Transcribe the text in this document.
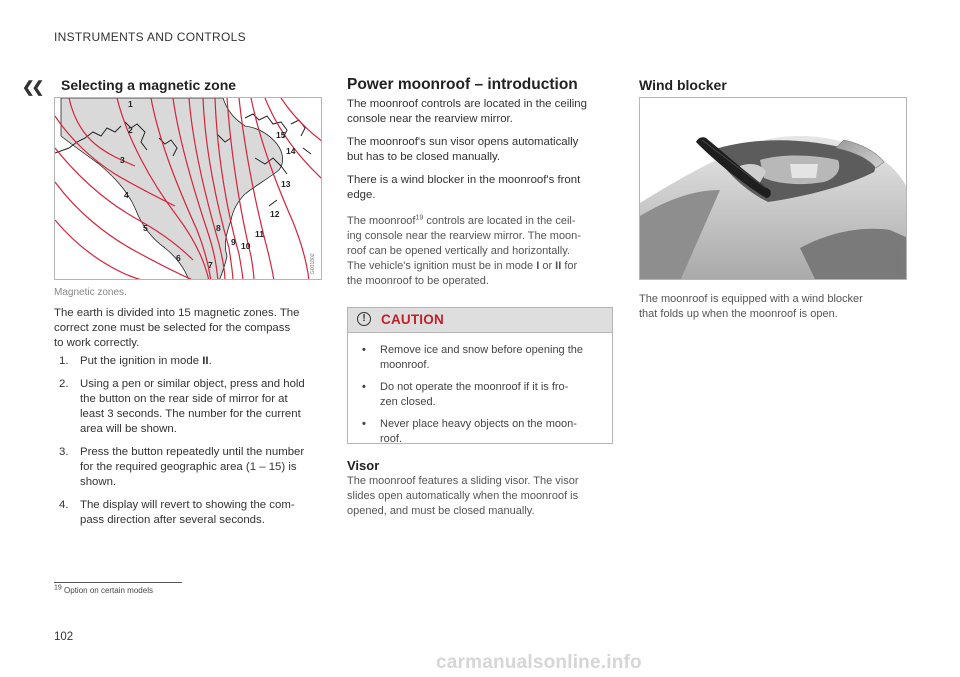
INSTRUMENTS AND CONTROLS
❮❮ Selecting a magnetic zone
1
2
3
4
5
6
7
8
9 10
11
12
13
14
15
G031802
Magnetic zones.
The earth is divided into 15 magnetic zones. The
correct zone must be selected for the compass
to work correctly.
1. Put the ignition in mode II.
2. Using a pen or similar object, press and hold
the button on the rear side of mirror for at
least 3 seconds. The number for the current
area will be shown.
3. Press the button repeatedly until the number
for the required geographic area (1 – 15) is
shown.
4. The display will revert to showing the com-
pass direction after several seconds.
Power moonroof – introduction
The moonroof controls are located in the ceiling
console near the rearview mirror.
The moonroof's sun visor opens automatically
but has to be closed manually.
There is a wind blocker in the moonroof's front
edge.
The moonroof$^{19}$ controls are located in the ceil-
ing console near the rearview mirror. The moon-
roof can be opened vertically and horizontally.
The vehicle's ignition must be in mode I or II for
the moonroof to be operated.
!	CAUTION
• Remove ice and snow before opening the
moonroof.
• Do not operate the moonroof if it is fro-
zen closed.
• Never place heavy objects on the moon-
roof.
Visor
The moonroof features a sliding visor. The visor
slides open automatically when the moonroof is
opened, and must be closed manually.
Wind blocker
G034073
The moonroof is equipped with a wind blocker
that folds up when the moonroof is open.
$^{19}$ Option on certain models
102
carmanualsonline.info
